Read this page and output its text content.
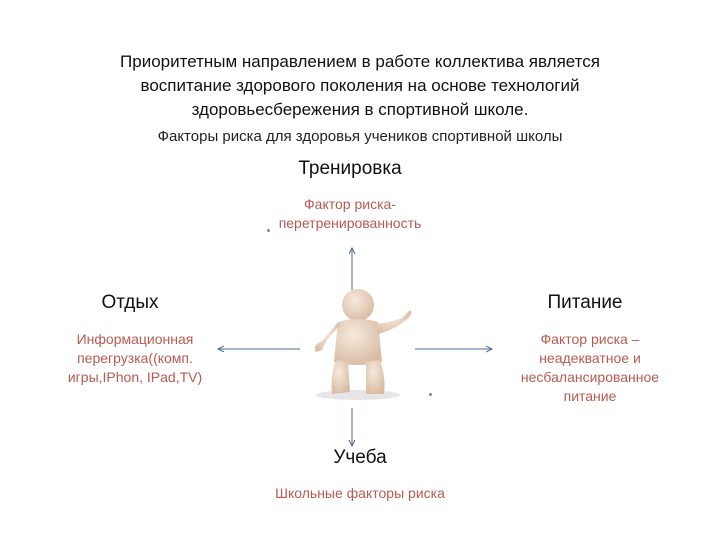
Приоритетным направлением в работе коллектива является
воспитание здорового поколения на основе технологий
здоровьесбережения в спортивной школе.
Факторы риска для здоровья учеников спортивной школы
Тренировка
Фактор риска-
перетренированность
Отдых
Информационная
перегрузка((комп.
игры,IPhon, IPad,TV)
Питание
Фактор риска –
неадекватное и
несбалансированное
питание
Учеба
Школьные факторы риска
